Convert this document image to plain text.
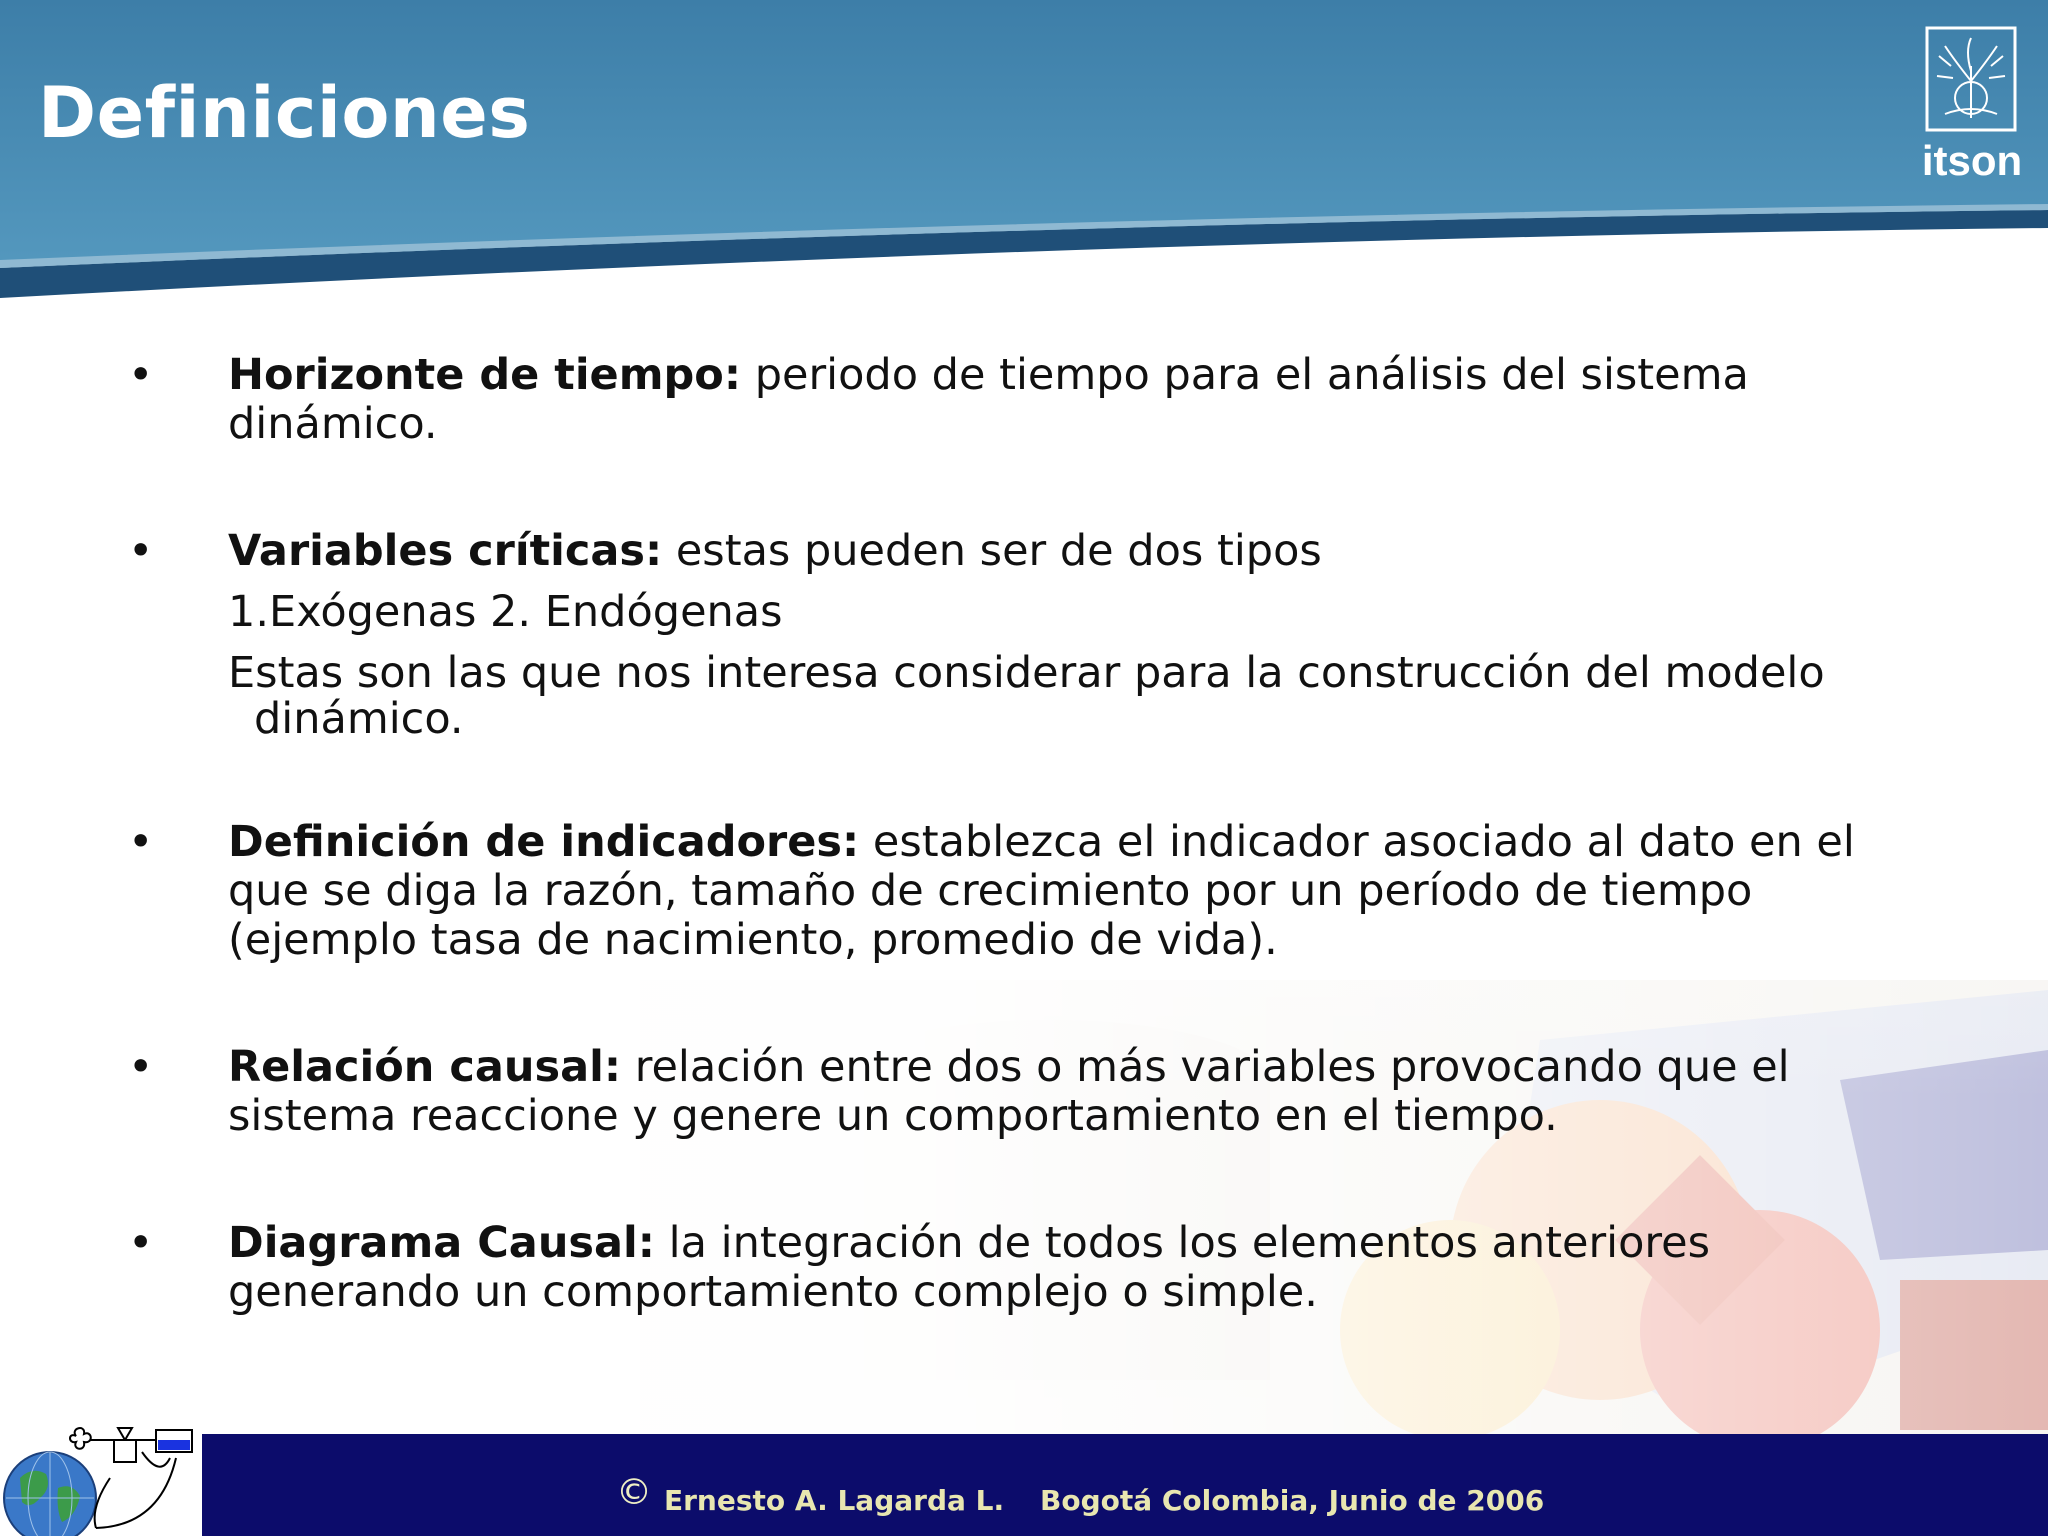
Definiciones
itson
• Horizonte de tiempo: periodo de tiempo para el análisis del sistema
dinámico.
• Variables críticas: estas pueden ser de dos tipos
1.Exógenas 2. Endógenas
Estas son las que nos interesa considerar para la construcción del modelo
dinámico.
• Definición de indicadores: establezca el indicador asociado al dato en el
que se diga la razón, tamaño de crecimiento por un período de tiempo
(ejemplo tasa de nacimiento, promedio de vida).
• Relación causal: relación entre dos o más variables provocando que el
sistema reaccione y genere un comportamiento en el tiempo.
• Diagrama Causal: la integración de todos los elementos anteriores
generando un comportamiento complejo o simple.
© Ernesto A. Lagarda L. Bogotá Colombia, Junio de 2006
